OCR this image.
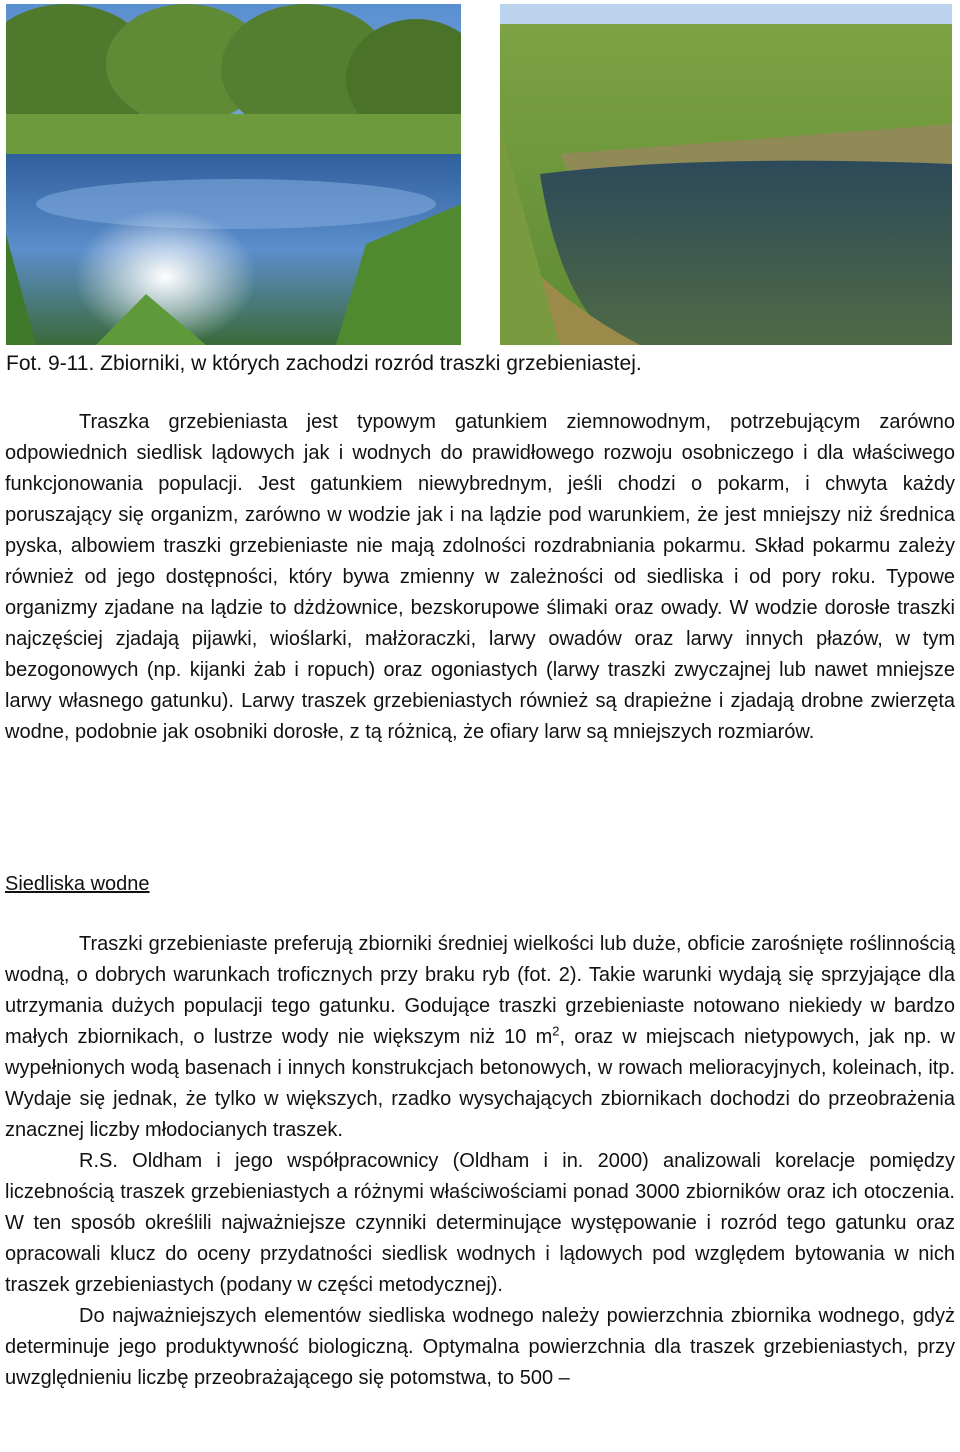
Fot. 9-11. Zbiorniki, w których zachodzi rozród traszki grzebieniastej.

Traszka grzebieniasta jest typowym gatunkiem ziemnowodnym, potrzebującym zarówno odpowiednich siedlisk lądowych jak i wodnych do prawidłowego rozwoju osobniczego i dla właściwego funkcjonowania populacji. Jest gatunkiem niewybrednym, jeśli chodzi o pokarm, i chwyta każdy poruszający się organizm, zarówno w wodzie jak i na lądzie pod warunkiem, że jest mniejszy niż średnica pyska, albowiem traszki grzebieniaste nie mają zdolności rozdrabniania pokarmu. Skład pokarmu zależy również od jego dostępności, który bywa zmienny w zależności od siedliska i od pory roku. Typowe organizmy zjadane na lądzie to dżdżownice, bezskorupowe ślimaki oraz owady. W wodzie dorosłe traszki najczęściej zjadają pijawki, wioślarki, małżoraczki, larwy owadów oraz larwy innych płazów, w tym bezogonowych (np. kijanki żab i ropuch) oraz ogoniastych (larwy traszki zwyczajnej lub nawet mniejsze larwy własnego gatunku). Larwy traszek grzebieniastych również są drapieżne i zjadają drobne zwierzęta wodne, podobnie jak osobniki dorosłe, z tą różnicą, że ofiary larw są mniejszych rozmiarów.

Siedliska wodne

Traszki grzebieniaste preferują zbiorniki średniej wielkości lub duże, obficie zarośnięte roślinnością wodną, o dobrych warunkach troficznych przy braku ryb (fot. 2). Takie warunki wydają się sprzyjające dla utrzymania dużych populacji tego gatunku. Godujące traszki grzebieniaste notowano niekiedy w bardzo małych zbiornikach, o lustrze wody nie większym niż 10 $m^2$, oraz w miejscach nietypowych, jak np. w wypełnionych wodą basenach i innych konstrukcjach betonowych, w rowach melioracyjnych, koleinach, itp. Wydaje się jednak, że tylko w większych, rzadko wysychających zbiornikach dochodzi do przeobrażenia znacznej liczby młodocianych traszek.

R.S. Oldham i jego współpracownicy (Oldham i in. 2000) analizowali korelacje pomiędzy liczebnością traszek grzebieniastych a różnymi właściwościami ponad 3000 zbiorników oraz ich otoczenia. W ten sposób określili najważniejsze czynniki determinujące występowanie i rozród tego gatunku oraz opracowali klucz do oceny przydatności siedlisk wodnych i lądowych pod względem bytowania w nich traszek grzebieniastych (podany w części metodycznej).

Do najważniejszych elementów siedliska wodnego należy powierzchnia zbiornika wodnego, gdyż determinuje jego produktywność biologiczną. Optymalna powierzchnia dla traszek grzebieniastych, przy uwzględnieniu liczbę przeobrażającego się potomstwa, to 500 –
